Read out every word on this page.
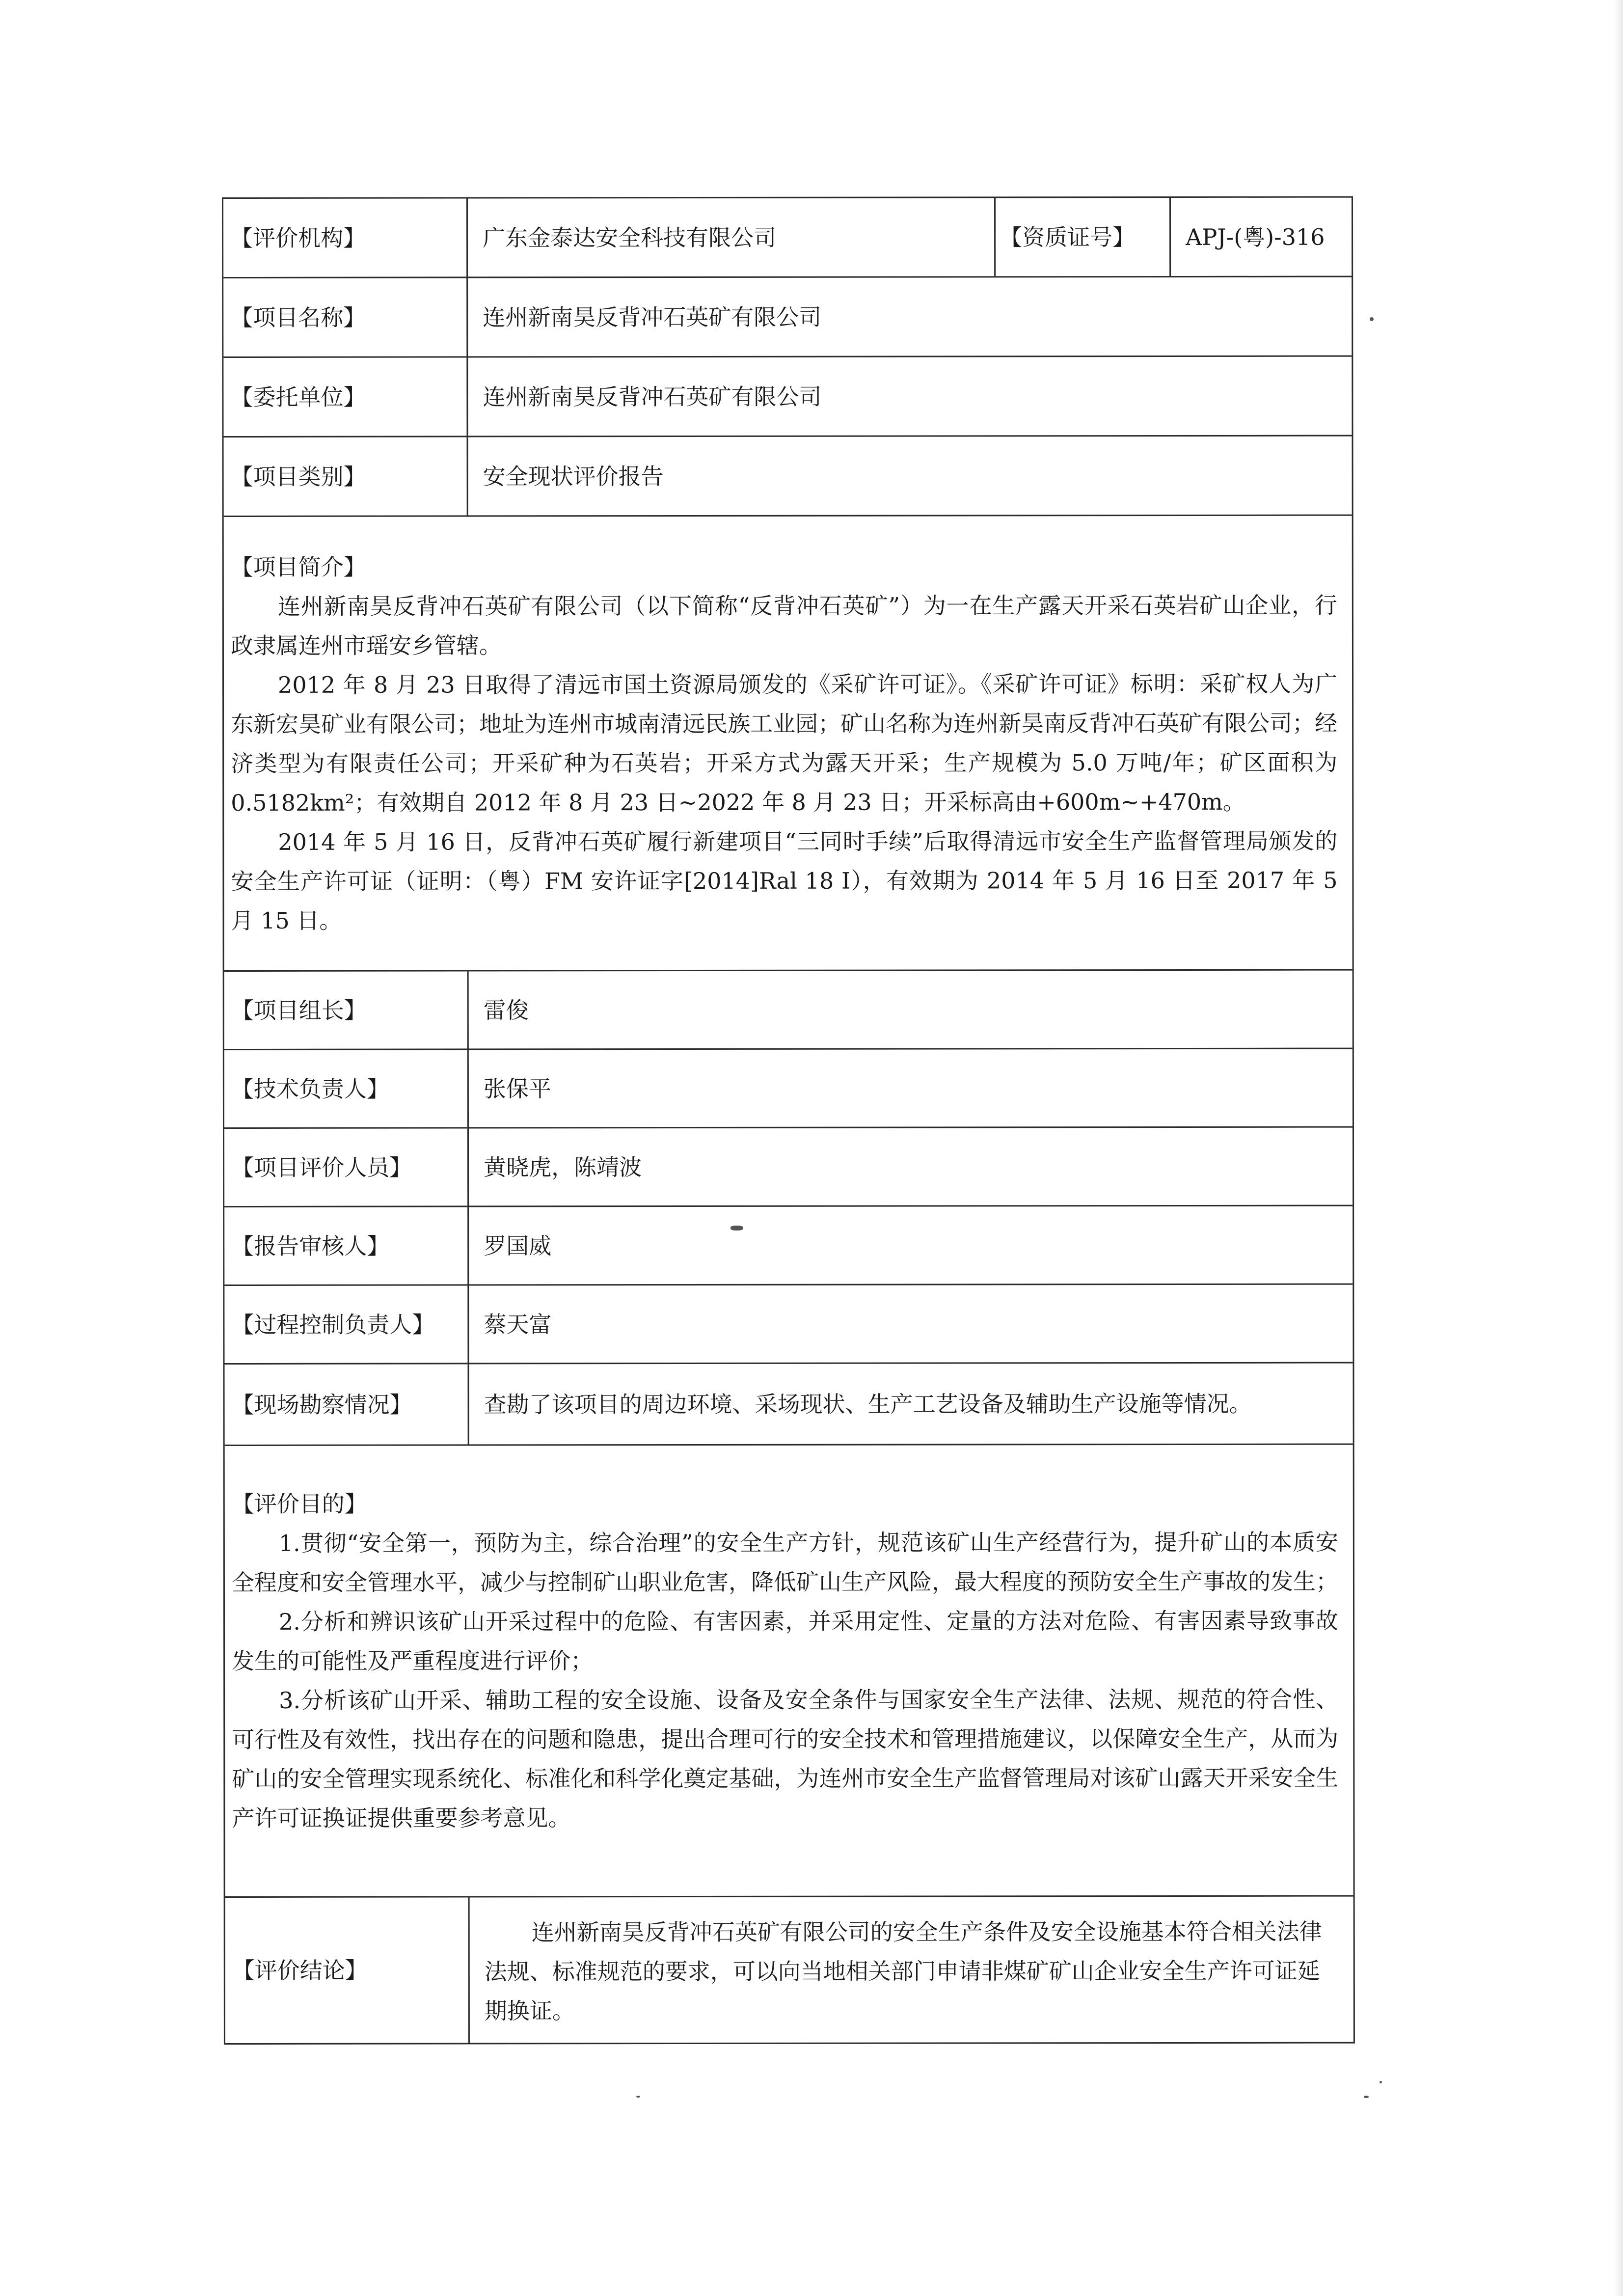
【评价机构】	广东金泰达安全科技有限公司	【资质证号】	APJ-(粤)-316
【项目名称】	连州新南昊反背冲石英矿有限公司
【委托单位】	连州新南昊反背冲石英矿有限公司
【项目类别】	安全现状评价报告
【项目简介】

连州新南昊反背冲石英矿有限公司（以下简称“反背冲石英矿”）为一在生产露天开采石英岩矿山企业，行政隶属连州市瑶安乡管辖。

2012 年 8 月 23 日取得了清远市国土资源局颁发的《采矿许可证》。《采矿许可证》标明：采矿权人为广东新宏昊矿业有限公司；地址为连州市城南清远民族工业园；矿山名称为连州新昊南反背冲石英矿有限公司；经济类型为有限责任公司；开采矿种为石英岩；开采方式为露天开采；生产规模为 5.0 万吨/年；矿区面积为 0.5182km²；有效期自 2012 年 8 月 23 日~2022 年 8 月 23 日；开采标高由+600m~+470m。

2014 年 5 月 16 日，反背冲石英矿履行新建项目“三同时手续”后取得清远市安全生产监督管理局颁发的安全生产许可证（证明：（粤）FM 安许证字[2014]Ral 18 I），有效期为 2014 年 5 月 16 日至 2017 年 5 月 15 日。

【项目组长】	雷俊
【技术负责人】	张保平
【项目评价人员】	黄晓虎，陈靖波
【报告审核人】	罗国威
【过程控制负责人】	蔡天富
【现场勘察情况】	查勘了该项目的周边环境、采场现状、生产工艺设备及辅助生产设施等情况。
【评价目的】

1.贯彻“安全第一，预防为主，综合治理”的安全生产方针，规范该矿山生产经营行为，提升矿山的本质安全程度和安全管理水平，减少与控制矿山职业危害，降低矿山生产风险，最大程度的预防安全生产事故的发生；

2.分析和辨识该矿山开采过程中的危险、有害因素，并采用定性、定量的方法对危险、有害因素导致事故发生的可能性及严重程度进行评价；

3.分析该矿山开采、辅助工程的安全设施、设备及安全条件与国家安全生产法律、法规、规范的符合性、可行性及有效性，找出存在的问题和隐患，提出合理可行的安全技术和管理措施建议，以保障安全生产，从而为矿山的安全管理实现系统化、标准化和科学化奠定基础，为连州市安全生产监督管理局对该矿山露天开采安全生产许可证换证提供重要参考意见。

【评价结论】
连州新南昊反背冲石英矿有限公司的安全生产条件及安全设施基本符合相关法律法规、标准规范的要求，可以向当地相关部门申请非煤矿矿山企业安全生产许可证延期换证。
